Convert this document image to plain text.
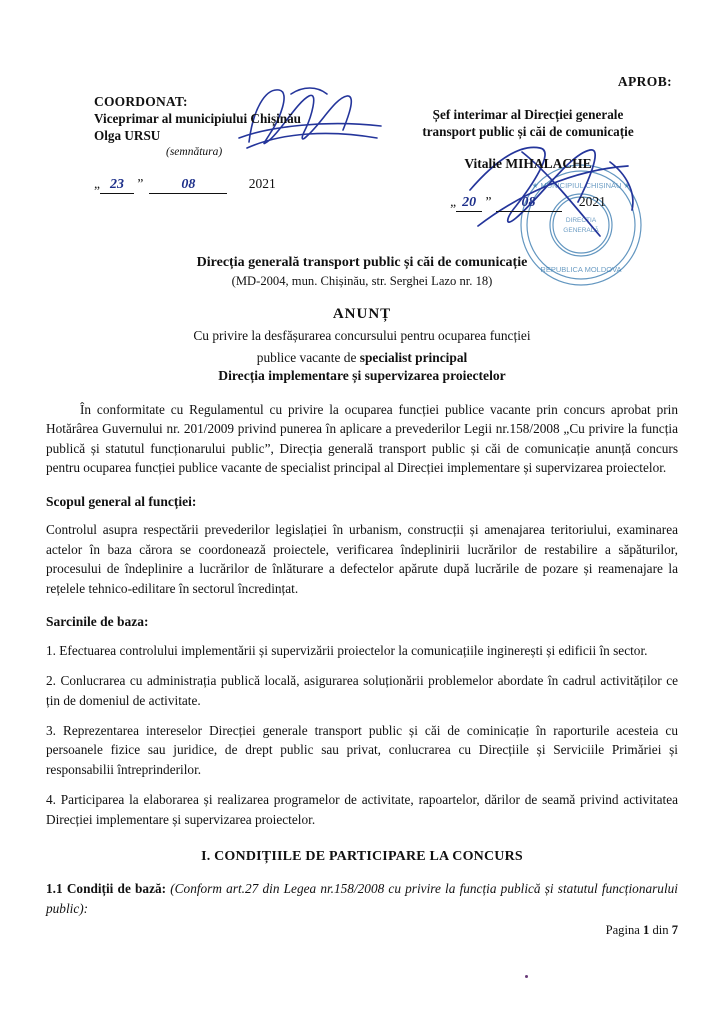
COORDONAT:
Viceprimar al municipiului Chișinău
Olga URSU
(semnătura)
„ 23 ”	08	2021	★ MUNICIPIUL CHIȘINĂU ★
REPUBLICA MOLDOVA
DIRECȚIA
GENERALĂ
APROB:
Șef interimar al Direcției generale
transport public și căi de comunicație
Vitalie MIHALACHE
„ 20 ” 08	2021
Direcția generală transport public și căi de comunicație
(MD-2004, mun. Chișinău, str. Serghei Lazo nr. 18)
ANUNȚ
Cu privire la desfășurarea concursului pentru ocuparea funcției
publice vacante de specialist principal
Direcția implementare și supervizarea proiectelor

În conformitate cu Regulamentul cu privire la ocuparea funcției publice vacante prin concurs aprobat prin Hotărârea Guvernului nr. 201/2009 privind punerea în aplicare a prevederilor Legii nr.158/2008 „Cu privire la funcția publică și statutul funcționarului public”, Direcția generală transport public și căi de comunicație anunță concurs pentru ocuparea funcției publice vacante de specialist principal al Direcției implementare și supervizarea proiectelor.

Scopul general al funcției:

Controlul asupra respectării prevederilor legislației în urbanism, construcții și amenajarea teritoriului, examinarea actelor în baza cărora se coordonează proiectele, verificarea îndeplinirii lucrărilor de restabilire a săpăturilor, procesului de îndeplinire a lucrărilor de înlăturare a defectelor apărute după lucrările de pozare și reamenajare la rețelele tehnico-edilitare în sectorul încredințat.

Sarcinile de baza:

1. Efectuarea controlului implementării și supervizării proiectelor la comunicațiile inginerești și edificii în sector.

2. Conlucrarea cu administrația publică locală, asigurarea soluționării problemelor abordate în cadrul activităților ce țin de domeniul de activitate.

3. Reprezentarea intereselor Direcției generale transport public și căi de cominicație în raporturile acesteia cu persoanele fizice sau juridice, de drept public sau privat, conlucrarea cu Direcțiile și Serviciile Primăriei și responsabilii întreprinderilor.

4. Participarea la elaborarea și realizarea programelor de activitate, rapoartelor, dărilor de seamă privind activitatea Direcției implementare și supervizarea proiectelor.

I. CONDIȚIILE DE PARTICIPARE LA CONCURS

1.1 Condiții de bază: (Conform art.27 din Legea nr.158/2008 cu privire la funcția publică și statutul funcționarului public):

Pagina 1 din 7
